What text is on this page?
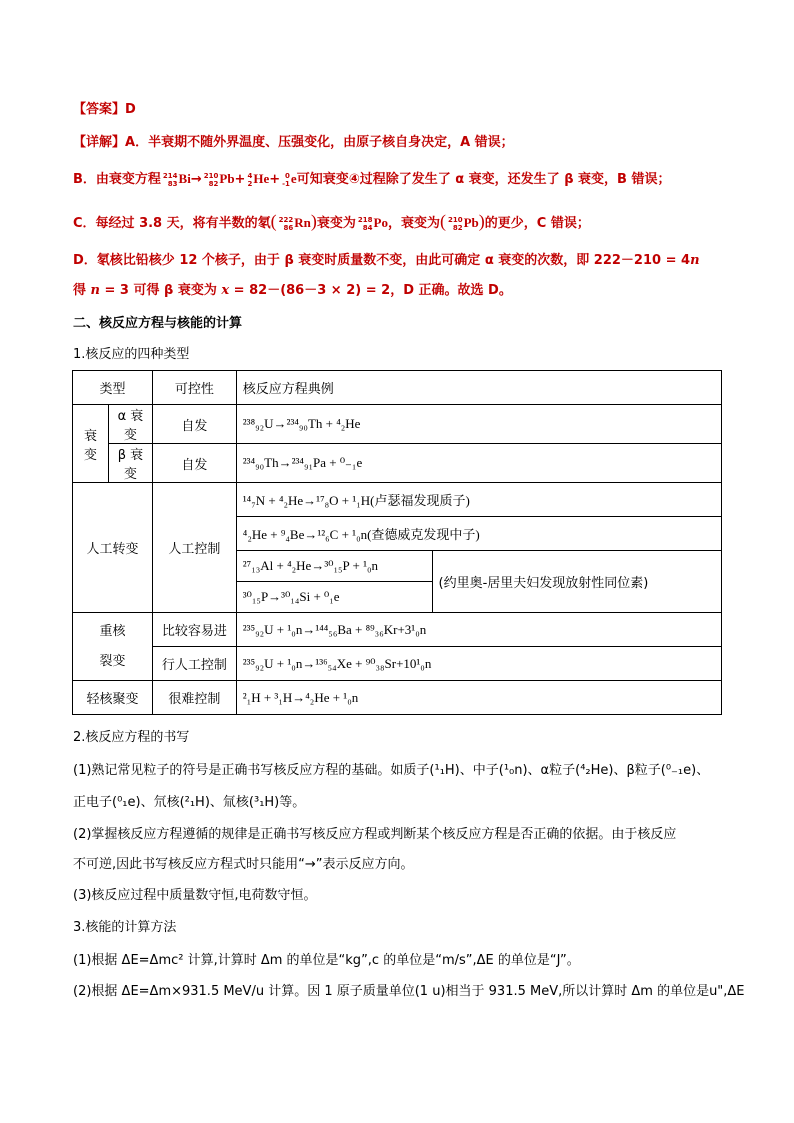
【答案】D
【详解】A．半衰期不随外界温度、压强变化，由原子核自身决定，A 错误；
B．由衰变方程 214
83 Bi→ 210
82 Pb+ 4
2 He+ 0
-1 e可知衰变④过程除了发生了 α 衰变，还发生了 β 衰变，B 错误；
C．每经过 3.8 天，将有半数的氡( 222
86 Rn)衰变为 218
84 Po，衰变为( 210
82 Pb)的更少，C 错误；
D．氡核比铅核少 12 个核子，由于 β 衰变时质量数不变，由此可确定 α 衰变的次数，即 222－210 = 4n
得 n = 3 可得 β 衰变为 x = 82－(86－3 × 2) = 2，D 正确。故选 D。
二、核反应方程与核能的计算
1.核反应的四种类型
类型		可控性	核反应方程典例	
衰变	α 衰变	自发	²³⁸₉₂U→²³⁴₉₀Th + ⁴₂He	
	β 衰变	自发	²³⁴₉₀Th→²³⁴₉₁Pa + ⁰₋₁e	
人工转变		人工控制	¹⁴₇N + ⁴₂He→¹⁷₈O + ¹₁H(卢瑟福发现质子)	
			⁴₂He + ⁹₄Be→¹²₆C + ¹₀n(查德威克发现中子)	
			²⁷₁₃Al + ⁴₂He→³⁰₁₅P + ¹₀n	(约里奥-居里夫妇发现放射性同位素)
			³⁰₁₅P→³⁰₁₄Si + ⁰₁e	
重核
裂变		比较容易进	²³⁵₉₂U + ¹₀n→¹⁴⁴₅₆Ba + ⁸⁹₃₆Kr+3¹₀n	
		行人工控制	²³⁵₉₂U + ¹₀n→¹³⁶₅₄Xe + ⁹⁰₃₈Sr+10¹₀n	
轻核聚变		很难控制	²₁H + ³₁H→⁴₂He + ¹₀n	
2.核反应方程的书写
(1)熟记常见粒子的符号是正确书写核反应方程的基础。如质子(¹₁H)、中子(¹₀n)、α粒子(⁴₂He)、β粒子(⁰₋₁e)、
正电子(⁰₁e)、氘核(²₁H)、氚核(³₁H)等。
(2)掌握核反应方程遵循的规律是正确书写核反应方程或判断某个核反应方程是否正确的依据。由于核反应
不可逆,因此书写核反应方程式时只能用“→”表示反应方向。
(3)核反应过程中质量数守恒,电荷数守恒。
3.核能的计算方法
(1)根据 ΔE=Δmc² 计算,计算时 Δm 的单位是“kg”,c 的单位是“m/s”,ΔE 的单位是“J”。
(2)根据 ΔE=Δm×931.5 MeV/u 计算。因 1 原子质量单位(1 u)相当于 931.5 MeV,所以计算时 Δm 的单位是u",ΔE
